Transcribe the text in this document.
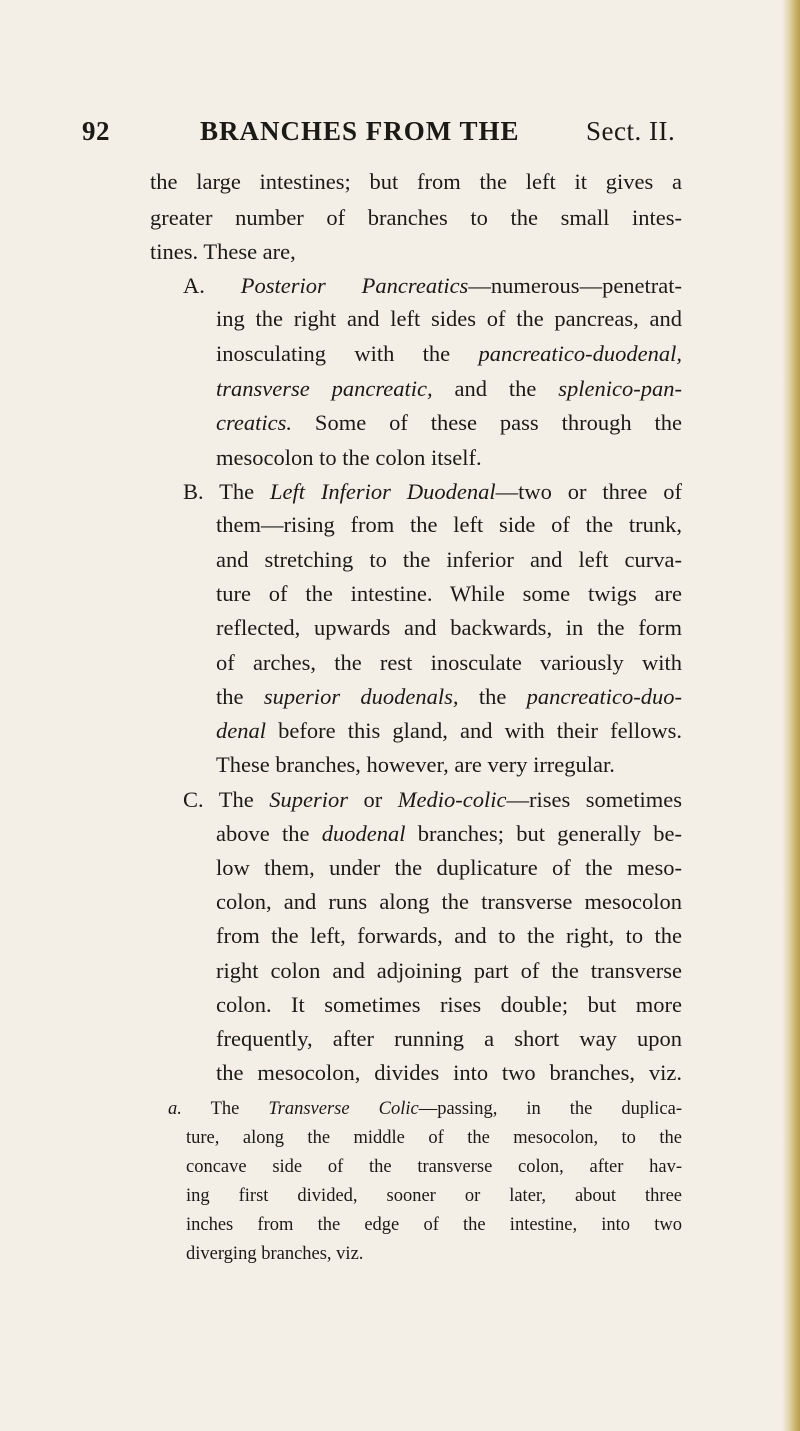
92	BRANCHES FROM THE Sect. II.
the large intestines; but from the left it gives a
greater number of branches to the small intes-
tines. These are,
A. Posterior Pancreatics—numerous—penetrat-
ing the right and left sides of the pancreas, and
inosculating with the pancreatico-duodenal,
transverse pancreatic, and the splenico-pan-
creatics. Some of these pass through the
mesocolon to the colon itself.
B. The Left Inferior Duodenal—two or three of
them—rising from the left side of the trunk,
and stretching to the inferior and left curva-
ture of the intestine. While some twigs are
reflected, upwards and backwards, in the form
of arches, the rest inosculate variously with
the superior duodenals, the pancreatico-duo-
denal before this gland, and with their fellows.
These branches, however, are very irregular.
C. The Superior or Medio-colic—rises sometimes
above the duodenal branches; but generally be-
low them, under the duplicature of the meso-
colon, and runs along the transverse mesocolon
from the left, forwards, and to the right, to the
right colon and adjoining part of the transverse
colon. It sometimes rises double; but more
frequently, after running a short way upon
the mesocolon, divides into two branches, viz.
a. The Transverse Colic—passing, in the duplica-
ture, along the middle of the mesocolon, to the
concave side of the transverse colon, after hav-
ing first divided, sooner or later, about three
inches from the edge of the intestine, into two
diverging branches, viz.
